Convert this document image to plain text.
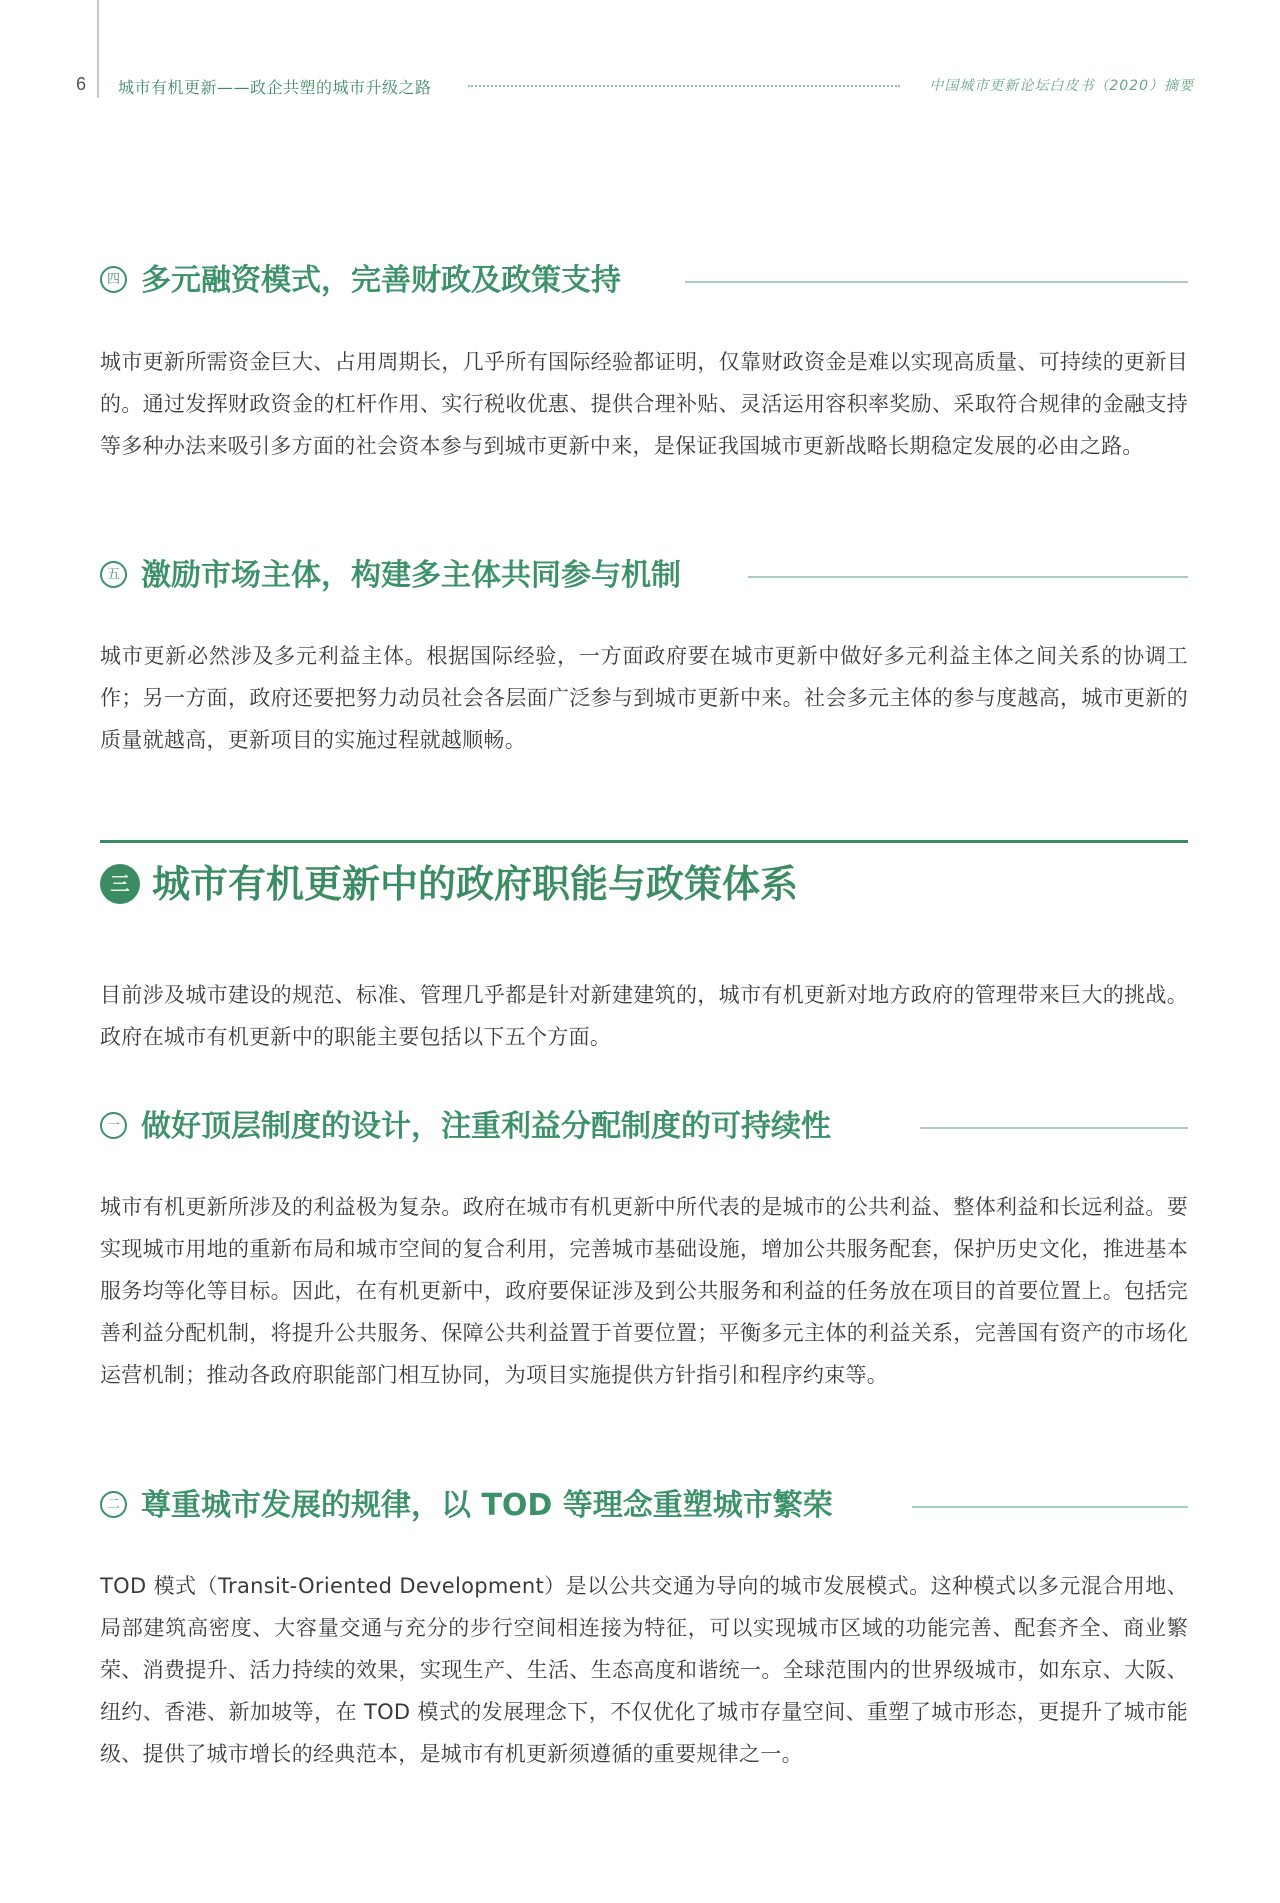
6 城市有机更新——政企共塑的城市升级之路	中国城市更新论坛白皮书（2020）摘要
四 多元融资模式，完善财政及政策支持
城市更新所需资金巨大、占用周期长，几乎所有国际经验都证明，仅靠财政资金是难以实现高质量、可持续的更新目的。通过发挥财政资金的杠杆作用、实行税收优惠、提供合理补贴、灵活运用容积率奖励、采取符合规律的金融支持等多种办法来吸引多方面的社会资本参与到城市更新中来，是保证我国城市更新战略长期稳定发展的必由之路。
五 激励市场主体，构建多主体共同参与机制
城市更新必然涉及多元利益主体。根据国际经验，一方面政府要在城市更新中做好多元利益主体之间关系的协调工作；另一方面，政府还要把努力动员社会各层面广泛参与到城市更新中来。社会多元主体的参与度越高，城市更新的质量就越高，更新项目的实施过程就越顺畅。
三 城市有机更新中的政府职能与政策体系
目前涉及城市建设的规范、标准、管理几乎都是针对新建建筑的，城市有机更新对地方政府的管理带来巨大的挑战。政府在城市有机更新中的职能主要包括以下五个方面。
一 做好顶层制度的设计，注重利益分配制度的可持续性
城市有机更新所涉及的利益极为复杂。政府在城市有机更新中所代表的是城市的公共利益、整体利益和长远利益。要实现城市用地的重新布局和城市空间的复合利用，完善城市基础设施，增加公共服务配套，保护历史文化，推进基本服务均等化等目标。因此，在有机更新中，政府要保证涉及到公共服务和利益的任务放在项目的首要位置上。包括完善利益分配机制，将提升公共服务、保障公共利益置于首要位置；平衡多元主体的利益关系，完善国有资产的市场化运营机制；推动各政府职能部门相互协同，为项目实施提供方针指引和程序约束等。
二 尊重城市发展的规律，以 TOD 等理念重塑城市繁荣
TOD 模式（Transit-Oriented Development）是以公共交通为导向的城市发展模式。这种模式以多元混合用地、局部建筑高密度、大容量交通与充分的步行空间相连接为特征，可以实现城市区域的功能完善、配套齐全、商业繁荣、消费提升、活力持续的效果，实现生产、生活、生态高度和谐统一。全球范围内的世界级城市，如东京、大阪、纽约、香港、新加坡等，在 TOD 模式的发展理念下，不仅优化了城市存量空间、重塑了城市形态，更提升了城市能级、提供了城市增长的经典范本，是城市有机更新须遵循的重要规律之一。
